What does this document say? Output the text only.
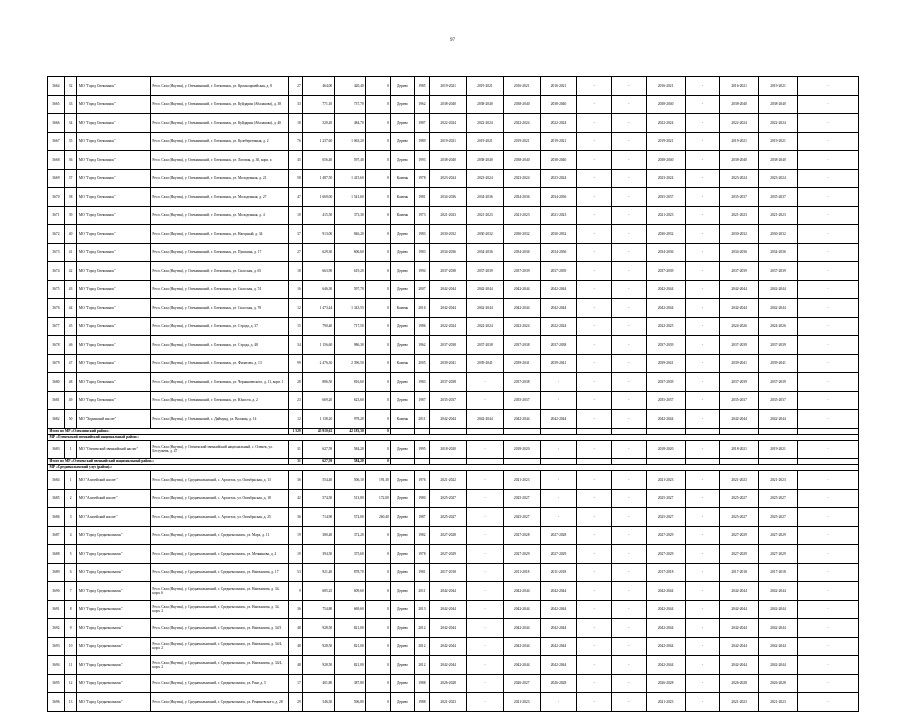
97
3664	32	МО "Город Олекминск"	Респ. Саха (Якутия), у. Олекминский, г. Олекминск, ул. Красноармейская, д. 8	27	464,00	420,40	0	Дерево	1985	2019-2021	2019-2021	2016-2021	2016-2021	-	-	2016-2021	-	2016-2021	2019-2021	-
3665	33	МО "Город Олекминск"	Респ. Саха (Якутия), у. Олекминский, г. Олекминск, ул. Куйдарин (Абалакова), д. 38	33	771,10	737,70	0	Дерево	1962	2038-2040	2038-2040	2038-2040	2038-2040	-	-	2038-2040	-	2038-2040	2038-2040	-
3666	34	МО "Город Олекминск"	Респ. Саха (Якутия), у. Олекминский, г. Олекминск, ул. Куйдарин (Абалакова), д. 40	18	520,20	484,70	0	Дерево	1987	2022-2024	2022-2024	2022-2024	2022-2024	-	-	2022-2024	-	2022-2024	2022-2024	-
3667	35	МО "Город Олекминск"	Респ. Саха (Якутия), у. Олекминский, г. Олекминск, ул. Кулеберетиныя, д. 2	76	1 237,60	1 063,20	0	Дерево	1989	2019-2021	2019-2021	2019-2021	2019-2021	-	-	2019-2021	-	2019-2021	2019-2021	-
3668	36	МО "Город Олекминск"	Респ. Саха (Якутия), у. Олекминский, г. Олекминск, ул. Логовая, д. 30, корп. а	45	656,40	597,40	0	Дерево	1993	2038-2040	2038-2040	2038-2040	2038-2040	-	-	2038-2040	-	2038-2040	2038-2040	-
3669	37	МО "Город Олекминск"	Респ. Саха (Якутия), у. Олекминский, г. Олекминск, ул. Молодежная, д. 21	58	1 487,50	1 415,60	0	Камень	1978	2023-2024	2023-2024	2023-2024	2023-2024	-	-	2023-2024	-	2023-2024	2023-2024	-
3670	38	МО "Город Олекминск"	Респ. Саха (Якутия), у. Олекминский, г. Олекминск, ул. Молодежная, д. 27	47	1 669,00	1 541,60	0	Камень	1981	2034-2036	2034-2036	2034-2036	2034-2036	-	-	2035-2037	-	2035-2037	2035-2037	-
3671	39	МО "Город Олекминск"	Респ. Саха (Якутия), у. Олекминский, г. Олекминск, ул. Молодежная, д. 4	10	415,50	373,30	0	Камень	1973	2021-2023	2021-2023	2021-2023	2021-2023	-	-	2021-2023	-	2021-2023	2021-2023	-
3672	40	МО "Город Олекминск"	Респ. Саха (Якутия), у. Олекминский, г. Олекминск, ул. Нагорный, д. 34	37	913,00	846,20	0	Дерево	1983	2030-2032	2030-2032	2030-2032	2030-2032	-	-	2030-2032	-	2030-2032	2030-2032	-
3673	41	МО "Город Олекминск"	Респ. Саха (Якутия), у. Олекминский, г. Олекминск, ул. Пушкина, д. 17	27	629,30	606,60	0	Дерево	1983	2034-2036	2034-2036	2034-2036	2034-2036	-	-	2034-2036	-	2034-2036	2034-2036	-
3674	42	МО "Город Олекминск"	Респ. Саха (Якутия), у. Олекминский, г. Олекминск, ул. Спасская, д. 65	18	663,90	619,20	0	Дерево	1994	2037-2038	2037-2039	2037-2039	2037-2039	-	-	2037-2039	-	2037-2039	2037-2039	-
3675	43	МО "Город Олекминск"	Респ. Саха (Якутия), у. Олекминский, г. Олекминск, ул. Спасская, д. 74	16	646,30	597,70	0	Дерево	2007	2042-2044	2042-2044	2042-2044	2042-2044	-	-	2042-2044	-	2042-2044	2042-2044	-
3676	44	МО "Город Олекминск"	Респ. Саха (Якутия), у. Олекминский, г. Олекминск, ул. Спасская, д. 78	12	1 473,44	1 343,55	0	Камень	2016	2042-2044	2042-2044	2042-2044	2042-2044	-	-	2042-2044	-	2042-2044	2042-2044	-
3677	45	МО "Город Олекминск"	Респ. Саха (Якутия), у. Олекминский, г. Олекминск, ул. Строда, д. 37	15	790,40	717,50	0	Дерево	1986	2022-2024	2022-2024	2022-2024	2022-2024	-	-	2022-2025	-	2024-2026	2024-2026	-
3678	46	МО "Город Олекминск"	Респ. Саха (Якутия), у. Олекминский, г. Олекминск, ул. Строда, д. 48	34	1 156,60	986,30	0	Дерево	1962	2037-2038	2037-2038	2037-2038	2037-2038	-	-	2037-2039	-	2037-2039	2037-2039	-
3679	47	МО "Город Олекминск"	Респ. Саха (Якутия), у. Олекминский, г. Олекминск, ул. Филатова, д. 13	99	2 476,30	2 396,50	0	Камень	2005	2039-2041	2039-2041	2039-2041	2039-2041	-	-	2039-2041	-	2039-2041	2039-2041	-
3680	48	МО "Город Олекминск"	Респ. Саха (Якутия), у. Олекминский, г. Олекминск, ул. Чернышевского, д. 11, корп. 1	28	886,50	816,60	0	Дерево	1983	2037-2038	-	2037-2038	-	-	-	2037-2039	-	2037-2039	2037-2039	-
3681	49	МО "Город Олекминск"	Респ. Саха (Якутия), у. Олекминский, г. Олекминск, ул. Юности, д. 2	23	669,20	623,60	0	Дерево	1987	2035-2037	-	2035-2037	-	-	-	2035-2037	-	2035-2037	2035-2037	-
3682	50	МО "Хоринский наслег"	Респ. Саха (Якутия), у. Олекминский, с. Даймунд, ул. Волжин, д. 14	12	1 138,20	978,20	0	Камень	2011	2042-2044	2042-2044	2042-2044	2042-2044	-	-	2042-2044	-	2042-2044	2042-2044	-
Итого по МР «Олекминский район»:				1 529	45 910,62	42 183,30	0													
МР «Оленекский эвенкийский национальный район»:																				
3683	1	МО "Оленекский эвенкийский наслег"	Респ. Саха (Якутия), у. Оленекский эвенкийский национальный, с. Оленек, ул. Бестужева, д. 47	31	627,59	584,20	0	Дерево	1995	2018-2020	-	2018-2020	-	-	-	2018-2020	-	2018-2021	2019-2021	-
Итого по МР «Оленекский эвенкийский национальный район»:				31	627,59	584,20	0													
МР «Среднеколымский улус (район)»:																				
3684	1	МО "Алазейский наслег"	Респ. Саха (Якутия), у. Среднеколымский, с. Аргахтах, ул. Октябрьская, д. 13	36	554,40	506,10	191,30	Дерево	1976	2021-2022	-	2021-2023	-	-	-	2021-2023	-	2021-2023	2021-2023	-
3685	2	МО "Алазейский наслег"	Респ. Саха (Якутия), у. Среднеколымский, с. Аргахтах, ул. Октябрьская, д. 18	42	574,50	513,80	172,00	Дерево	1980	2025-2027	-	2025-2027	-	-	-	2025-2027	-	2025-2027	2025-2027	-
3686	3	МО "Алазейский наслег"	Респ. Саха (Якутия), у. Среднеколымский, с. Аргахтах, ул. Октябрьская, д. 25	36	714,90	572,00	260,40	Дерево	1987	2025-2027	-	2025-2027	-	-	-	2025-2027	-	2025-2027	2025-2027	-
3687	4	МО "Город Среднеколымск"	Респ. Саха (Якутия), у. Среднеколымский, г. Среднеколымск, ул. Марх, д. 11	19	380,40	372,20	0	Дерево	1982	2027-2028	-	2027-2028	2027-2028	-	-	2027-2029	-	2027-2029	2027-2029	-
3688	5	МО "Город Среднеколымск"	Респ. Саха (Якутия), у. Среднеколымский, г. Среднеколымск, ул. Мечникова, д. 4	19	394,50	375,60	0	Дерево	1978	2027-2029	-	2027-2029	2027-2029	-	-	2027-2029	-	2027-2029	2027-2029	-
3689	6	МО "Город Среднеколымск"	Респ. Саха (Якутия), у. Среднеколымский, г. Среднеколымск, ул. Ньюкилова, д. 17	53	921,40	878,70	0	Дерево	1981	2017-2018	-	2011-2018	2011-2018	-	-	2017-2018	-	2017-2018	2017-2018	-
3690	7	МО "Город Среднеколымск"	Респ. Саха (Якутия), у. Среднеколымский, г. Среднеколымск, ул. Ньюкилова, д. 34, корп. 6	9	685,25	609,60	0	Дерево	2011	2042-2044	-	2042-2044	2042-2044	-	-	2042-2044	-	2042-2044	2042-2044	-
3691	8	МО "Город Среднеколымск"	Респ. Саха (Якутия), у. Среднеколымский, г. Среднеколымск, ул. Ньюкилова, д. 34, корп. 2	36	754,80	669,60	0	Дерево	2013	2042-2044	-	2042-2044	2042-2044	-	-	2042-2044	-	2042-2044	2042-2044	-
3692	9	МО "Город Среднеколымск"	Респ. Саха (Якутия), у. Среднеколымский, г. Среднеколымск, ул. Ньюкилова, д. 34/3	48	928,50	821,00	0	Дерево	2012	2042-2044	-	2042-2044	2042-2044	-	-	2042-2044	-	2042-2044	2042-2044	-
3693	10	МО "Город Среднеколымск"	Респ. Саха (Якутия), у. Среднеколымский, г. Среднеколымск, ул. Ньюкилова, д. 34/4, корп. 2	48	928,50	821,00	0	Дерево	2012	2042-2044	-	2042-2044	2042-2044	-	-	2042-2044	-	2042-2044	2042-2044	-
3694	11	МО "Город Среднеколымск"	Респ. Саха (Якутия), у. Среднеколымский, г. Среднеколымск, ул. Ньюкилова, д. 34/4, корп. 2	48	928,50	821,00	0	Дерево	2012	2042-2044	-	2042-2044	2042-2044	-	-	2042-2044	-	2042-2044	2042-2044	-
3695	12	МО "Город Среднеколымск"	Респ. Саха (Якутия), у. Среднеколымский, г. Среднеколымск, ул. Ранг, д. 5	17	401,80	387,80	0	Дерево	1988	2026-2028	-	2026-2027	2026-2028	-	-	2026-2028	-	2026-2028	2026-2028	-
3696	13	МО "Город Среднеколымск"	Респ. Саха (Якутия), у. Среднеколымский, г. Среднеколымск, ул. Ренишевского, д. 28	29	546,30	506,80	0	Дерево	1988	2021-2023	-	2021-2023	-	-	-	2021-2023	-	2021-2023	2021-2023	-
